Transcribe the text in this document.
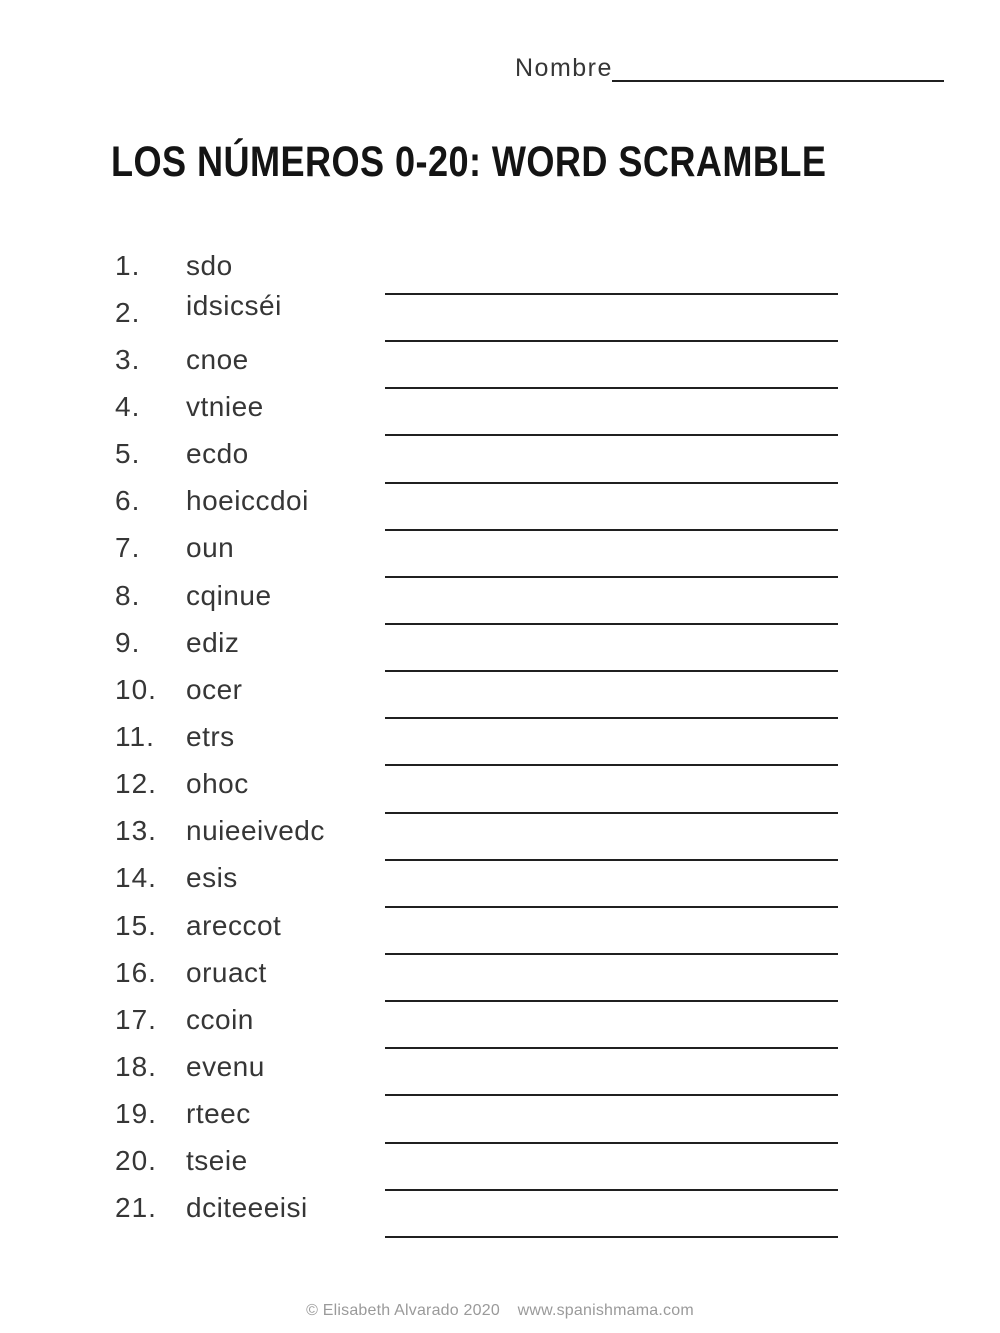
Nombre
LOS NÚMEROS 0-20: WORD SCRAMBLE
1. sdo
2. idsicséi
3. cnoe
4. vtniee
5. ecdo
6. hoeiccdoi
7. oun
8. cqinue
9. ediz
10. ocer
11. etrs
12. ohoc
13. nuieeivedc
14. esis
15. areccot
16. oruact
17. ccoin
18. evenu
19. rteec
20. tseie
21. dciteeeisi
© Elisabeth Alvarado 2020 www.spanishmama.com
